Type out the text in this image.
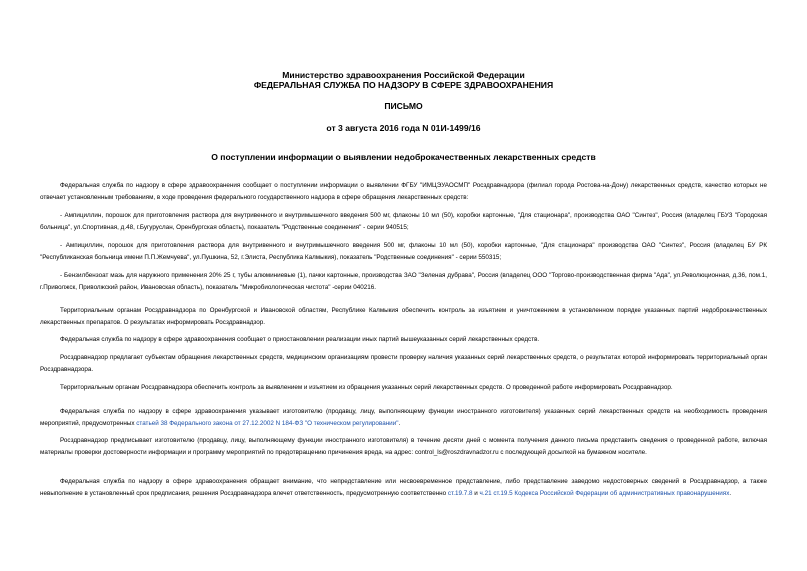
Министерство здравоохранения Российской Федерации
ФЕДЕРАЛЬНАЯ СЛУЖБА ПО НАДЗОРУ В СФЕРЕ ЗДРАВООХРАНЕНИЯ
ПИСЬМО
от 3 августа 2016 года N 01И-1499/16
О поступлении информации о выявлении недоброкачественных лекарственных средств

Федеральная служба по надзору в сфере здравоохранения сообщает о поступлении информации о выявлении ФГБУ "ИМЦЭУАОСМП" Росздравнадзора (филиал города Ростова-на-Дону) лекарственных средств, качество которых не отвечает установленным требованиям, в ходе проведения федерального государственного надзора в сфере обращения лекарственных средств:

- Ампициллин, порошок для приготовления раствора для внутривенного и внутримышечного введения 500 мг, флаконы 10 мл (50), коробки картонные, "Для стационара", производства ОАО "Синтез", Россия (владелец ГБУЗ "Городская больница", ул.Спортивная, д.48, г.Бугуруслан, Оренбургская область), показатель "Родственные соединения" - серии 940515;

- Ампициллин, порошок для приготовления раствора для внутривенного и внутримышечного введения 500 мг, флаконы 10 мл (50), коробки картонные, "Для стационара" производства ОАО "Синтез", Россия (владелец БУ РК "Республиканская больница имени П.П.Жемчуева", ул.Пушкина, 52, г.Элиста, Республика Калмыкия), показатель "Родственные соединения" - серии 550315;

- Бензилбензоат мазь для наружного применения 20% 25 г, тубы алюминиевые (1), пачки картонные, производства ЗАО "Зеленая дубрава", Россия (владелец ООО "Торгово-производственная фирма "Ада", ул.Революционная, д.36, пом.1, г.Приволжск, Приволжский район, Ивановская область), показатель "Микробиологическая чистота" -серии 040216.

Территориальным органам Росздравнадзора по Оренбургской и Ивановской областям, Республике Калмыкия обеспечить контроль за изъятием и уничтожением в установленном порядке указанных партий недоброкачественных лекарственных препаратов. О результатах информировать Росздравнадзор.

Федеральная служба по надзору в сфере здравоохранения сообщает о приостановлении реализации иных партий вышеуказанных серий лекарственных средств.

Росздравнадзор предлагает субъектам обращения лекарственных средств, медицинским организациям провести проверку наличия указанных серий лекарственных средств, о результатах которой информировать территориальный орган Росздравнадзора.

Территориальным органам Росздравнадзора обеспечить контроль за выявлением и изъятием из обращения указанных серий лекарственных средств. О проведенной работе информировать Росздравнадзор.

Федеральная служба по надзору в сфере здравоохранения указывает изготовителю (продавцу, лицу, выполняющему функции иностранного изготовителя) указанных серий лекарственных средств на необходимость проведения мероприятий, предусмотренных статьей 38 Федерального закона от 27.12.2002 N 184-ФЗ "О техническом регулировании".

Росздравнадзор предписывает изготовителю (продавцу, лицу, выполняющему функции иностранного изготовителя) в течение десяти дней с момента получения данного письма представить сведения о проведенной работе, включая материалы проверки достоверности информации и программу мероприятий по предотвращению причинения вреда, на адрес: control_ls@roszdravnadzor.ru с последующей досылкой на бумажном носителе.

Федеральная служба по надзору в сфере здравоохранения обращает внимание, что непредставление или несвоевременное представление, либо представление заведомо недостоверных сведений в Росздравнадзор, а также невыполнение в установленный срок предписания, решения Росздравнадзора влечет ответственность, предусмотренную соответственно ст.19.7.8 и ч.21 ст.19.5 Кодекса Российской Федерации об административных правонарушениях.
